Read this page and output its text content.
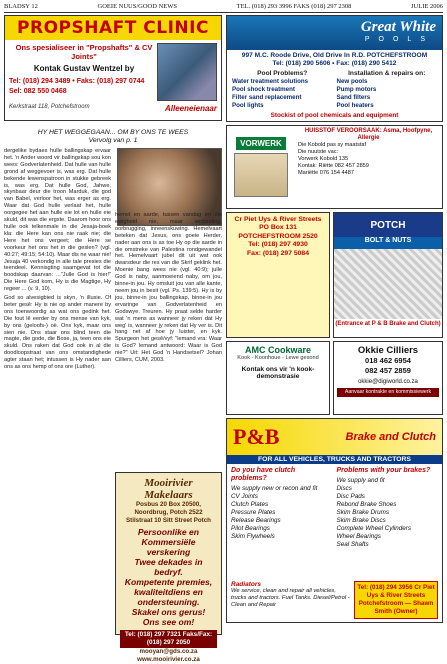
BLADSY 12	GOEIE NUUS/GOOD NEWS	TEL. (018) 293 3996 FAKS (018) 297 2308	JULIE 2006
PROPSHAFT CLINIC
Ons spesialiseer in "Propshafts" & CV Joints"
Kontak Gustav Wentzel by
Tel: (018) 294 3489 • Faks: (018) 297 0744
Sel: 082 550 0468
Kerkstraat 118, Potchefstroom	Alleeneienaar
HY HET WEGGEGAAN... OM BY ONS TE WEES
Vervolg van p. 1

dergelike bydaes hulle ballingskap ervaar het. 'n Ander woord vir ballingskap sou kon wees: Godverlatenheid. Dat hulle van hulle grond af weggevoer is, was erg. Dat hulle bekende lewenspatroon in stukke gebreek is, was erg. Dat hulle God, Jahwe, skynbaar deur die troon Marduk, die god van Babel, verloor het, was erger as erg. Waar dat God hulle verlaat het, hulle oorgegee het aan hulle eie lot en hulle eie skuld, dit was die ergste. Daarom hoor ons hulle ook telkenmale in die Jesaja-boek kla: die Here kan ons nie raak nie; die Here het ons vergeet; die Here se voorkeur het ons het in die gesien? (vgl. 40:27; 49:15; 54:10). Maar dis ne waar nie! Jesaja 40 verkondig in alle tale presies die teendeel. Kennisgting saamgevat tot die boodskap daarvan: ..."Julle God is hier!" Die Here God kom, Hy is die Magtige, Hy regeer ... (v. 9, 10).

God so alvesigbied is skyn, 'n illusie. Of beter gesê: Hy is nie op ander manere by ons toenwoordig as wat ons gedink het. Die fout lê eerder by ons mense van kyk, by ons (geloofs-) oë. Ons kyk, maar ons sien nie. Ons staar ons blind teen die magte, die gode, die Bose, ja, teen ons eie skuld. Ons raken dat God ook in al die doodloopstraat van ons omstandighede agter staan het; intussen is Hy nader aan ons as ons hemp of ons ore (Luther).

hemel en aarde, tussen vandag en die ewigheid nie, maar verbinding, oorbrugging, inneenskuwing. Hemelvaart beteken dat Jesus, ons goeie Herder, nader aan ons is as toe Hy op die aarde in die omstreke van Palestina rondgewandel het. Hemelvaart jubel dit uit wat ook dwarsdeur die res van die Skrif geklink het. Moenie bang wees nie (vgl. 40:9); julle God is naby, aanmoeiend naby, om jou, binne-in jou. Hy omsluit jou van alle kante, neem jou in besit (vgl. Ps. 139:5). Hy is by jou, binne-in jou ballingskap, binne-in jou ervaringe van Godverlatenheid en Godswye. Treuren. Hy praat selde harder wat 'n mens as wanneer jy reken dat Hy weg' is, wanneer jy reken dat Hy ver is. Dit hang net af hoe jy luister, en kyk. Spurgeon het gesê/vyf: "lemand vra: Waar is God? lemand antwoord: Waar is God nie?" Uit: Het God 'n Handsetsel? Johan Cilliers, CUM, 2003.
Mooirivier
Makelaars
Posbus 20 Box 20500,
Noordbrug, Potch 2522
Stilstraat 10 Sitt Street Potch
Persoonlike en
Kommersiële verskering
Twee dekades in bedryf.
Kompetente premies, kwaliteitdiens en ondersteuning.
Skakel ons gerus!
Ons see om!
Tel: (018) 297 7321 Faks/Fax: (018) 297 2050
mooyan@gds.co.za www.mooirivier.co.za
Great White
POOLS
997 M.C. Roode Drive, Old Drive In R.D. POTCHEFSTROOM
Tel: (018) 290 5606 • Fax: (018) 290 5412
Pool Problems?	Installation & repairs on:
Water treatment solutions	New pools
Pool shock treatment	Pump motors
Filter sand replacement	Sand filters
Pool lights	Pool heaters
Stockist of pool chemicals and equipment
VORWERK
HUISSTOF VEROORSAAK: Asma, Hoofpyne, Allergie
Die Kobold pas sy maatstaf
Die nuutste vac:
Vorwerk Kobold 135
Kontak: Riëtte 082 457 2859
Mariëtte 076 154 4487
Cr Piet Uys & River Streets
PO Box 131
POTCHEFSTROOM 2520
Tel: (018) 297 4930
Fax: (018) 297 5084
POTCH
BOLT & NUTS
(Entrance at P & B Brake and Clutch)
AMC Cookware
Kook - Koonhoue - Lewe gesond
Kontak ons vir 'n kook-demonstrasie
Okkie Cilliers
018 462 6954
082 457 2859
okkie@digiworld.co.za
Aanvaar kontrakte en kommissiewerk
P&B	Brake and Clutch
FOR ALL VEHICLES, TRUCKS AND TRACTORS
Do you have clutch problems?
We supply new or recon and fit
CV Joints
Clutch Plates
Pressure Plates
Release Bearings
Pilot Bearings
Skim Flywheels
Problems with your brakes?
We supply and fit
Discs
Disc Pads
Rebond Brake Shoes
Skim Brake Drums
Skim Brake Discs
Complete Wheel Cylinders
Wheel Bearings
Seal Shafts
Radiators
We service, clean and repair all vehicles, trucks and tractors. Fuel Tanks. Diesel/Petrol - Clean and Repair
Tel: (018) 294 3956 Cr Piet Uys & River Streets Potchefstroom — Shawn Smith (Owner)
